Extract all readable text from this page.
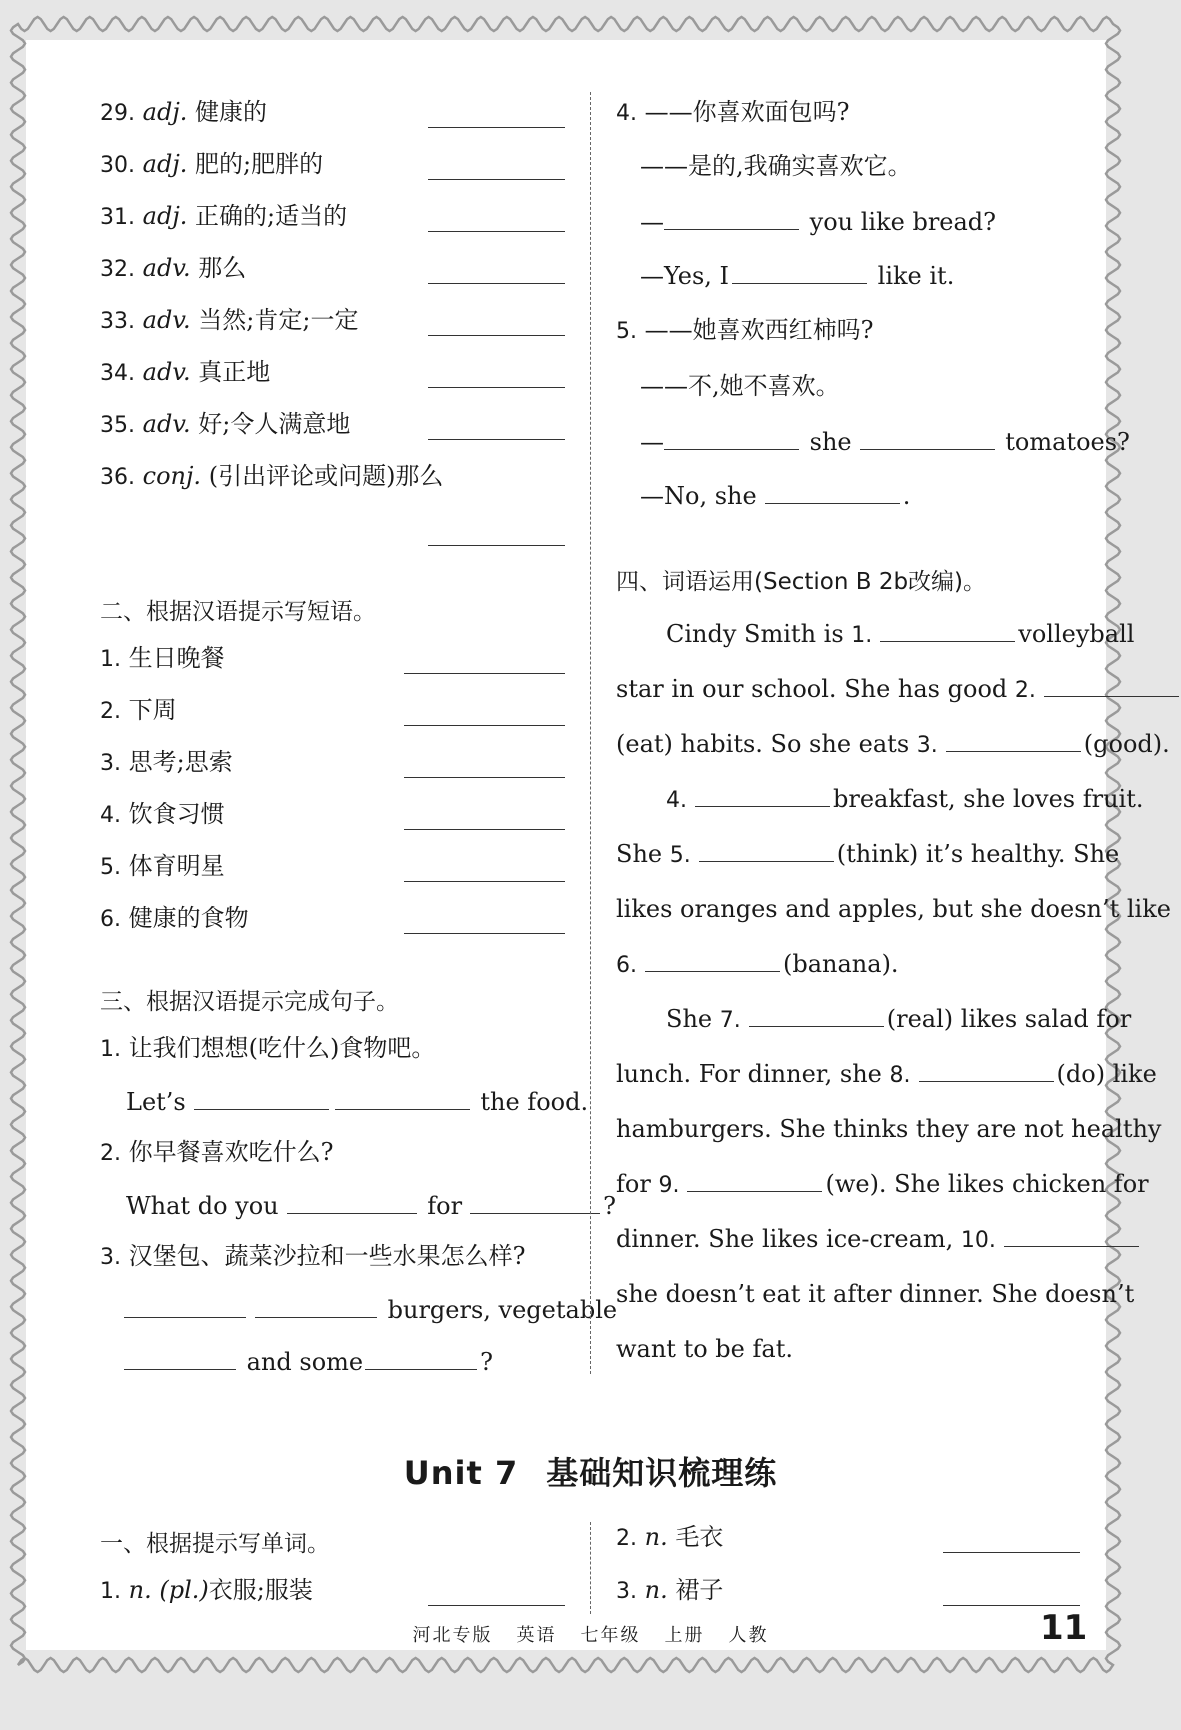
29. adj. 健康的
30. adj. 肥的;肥胖的
31. adj. 正确的;适当的
32. adv. 那么
33. adv. 当然;肯定;一定
34. adv. 真正地
35. adv. 好;令人满意地
36. conj. (引出评论或问题)那么
二、根据汉语提示写短语。
1. 生日晚餐
2. 下周
3. 思考;思索
4. 饮食习惯
5. 体育明星
6. 健康的食物
三、根据汉语提示完成句子。
1. 让我们想想(吃什么)食物吧。
Let’s	the food.
2. 你早餐喜欢吃什么?
What do you	for	?
3. 汉堡包、蔬菜沙拉和一些水果怎么样?
burgers, vegetable
and some	?
4. ——你喜欢面包吗?
——是的,我确实喜欢它。
—	you like bread?
—Yes, I	like it.
5. ——她喜欢西红柿吗?
——不,她不喜欢。
—	she	tomatoes?
—No, she	.
四、词语运用(Section B 2b改编)。
Cindy Smith is 1.	volleyball
star in our school. She has good 2.
(eat) habits. So she eats 3.	(good).
4.	breakfast, she loves fruit.
She 5.	(think) it’s healthy. She
likes oranges and apples, but she doesn’t like
6.	(banana).
She 7.	(real) likes salad for
lunch. For dinner, she 8.	(do) like
hamburgers. She thinks they are not healthy
for 9.	(we). She likes chicken for
dinner. She likes ice-cream, 10.
she doesn’t eat it after dinner. She doesn’t
want to be fat.
Unit 7 基础知识梳理练
一、根据提示写单词。
1. n. (pl.)衣服;服装
2. n. 毛衣
3. n. 裙子
河北专版 英语 七年级 上册 人教	11
